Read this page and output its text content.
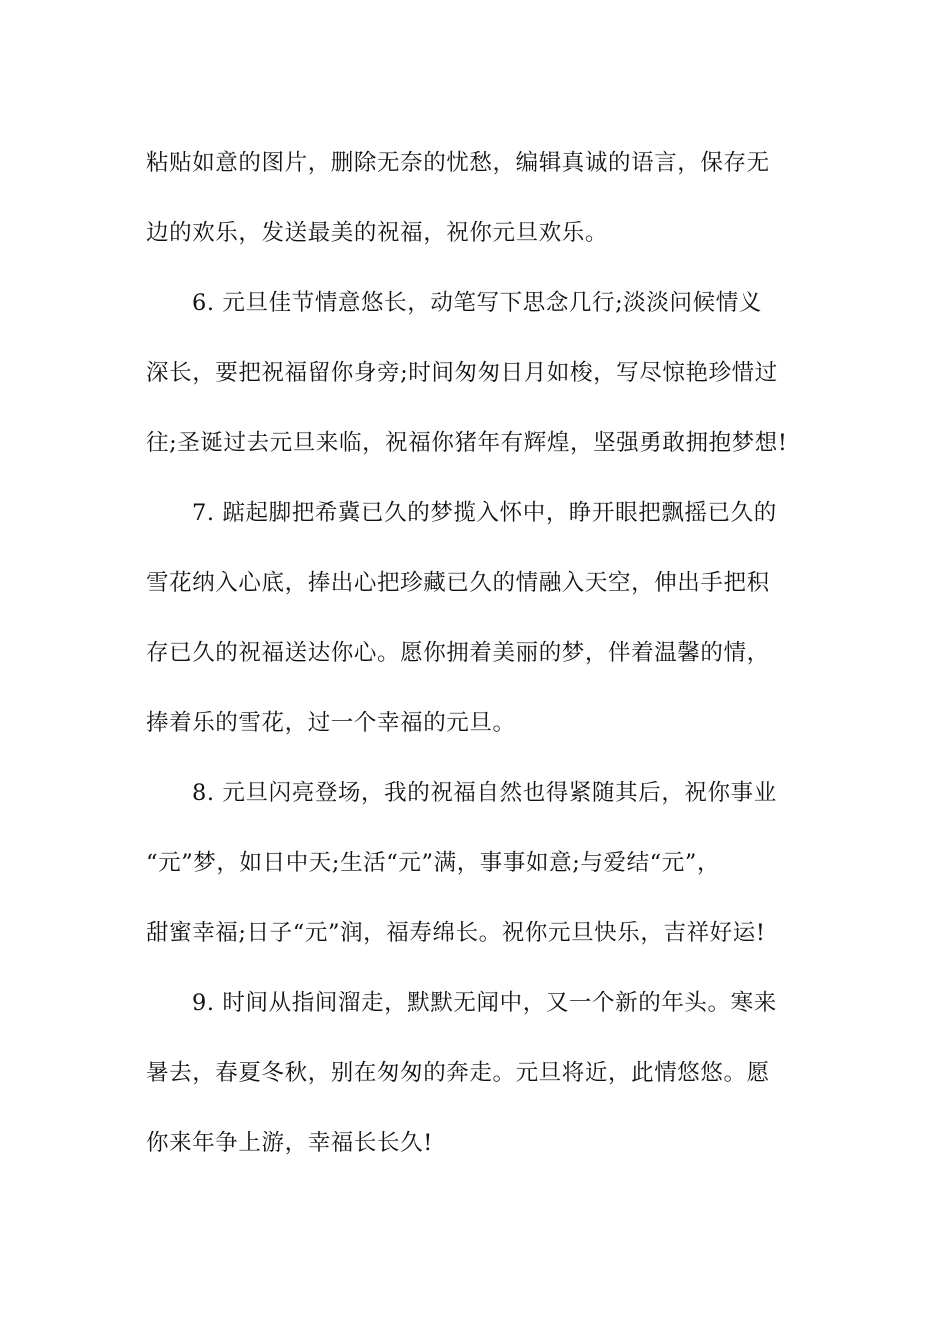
粘贴如意的图片，删除无奈的忧愁，编辑真诚的语言，保存无
边的欢乐，发送最美的祝福，祝你元旦欢乐。
6. 元旦佳节情意悠长，动笔写下思念几行;淡淡问候情义
深长，要把祝福留你身旁;时间匆匆日月如梭，写尽惊艳珍惜过
往;圣诞过去元旦来临，祝福你猪年有辉煌，坚强勇敢拥抱梦想!
7. 踮起脚把希冀已久的梦揽入怀中，睁开眼把飘摇已久的
雪花纳入心底，捧出心把珍藏已久的情融入天空，伸出手把积
存已久的祝福送达你心。愿你拥着美丽的梦，伴着温馨的情，
捧着乐的雪花，过一个幸福的元旦。
8. 元旦闪亮登场，我的祝福自然也得紧随其后，祝你事业
“元”梦，如日中天;生活“元”满，事事如意;与爱结“元”，
甜蜜幸福;日子“元”润，福寿绵长。祝你元旦快乐，吉祥好运!
9. 时间从指间溜走，默默无闻中，又一个新的年头。寒来
暑去，春夏冬秋，别在匆匆的奔走。元旦将近，此情悠悠。愿
你来年争上游，幸福长长久!
